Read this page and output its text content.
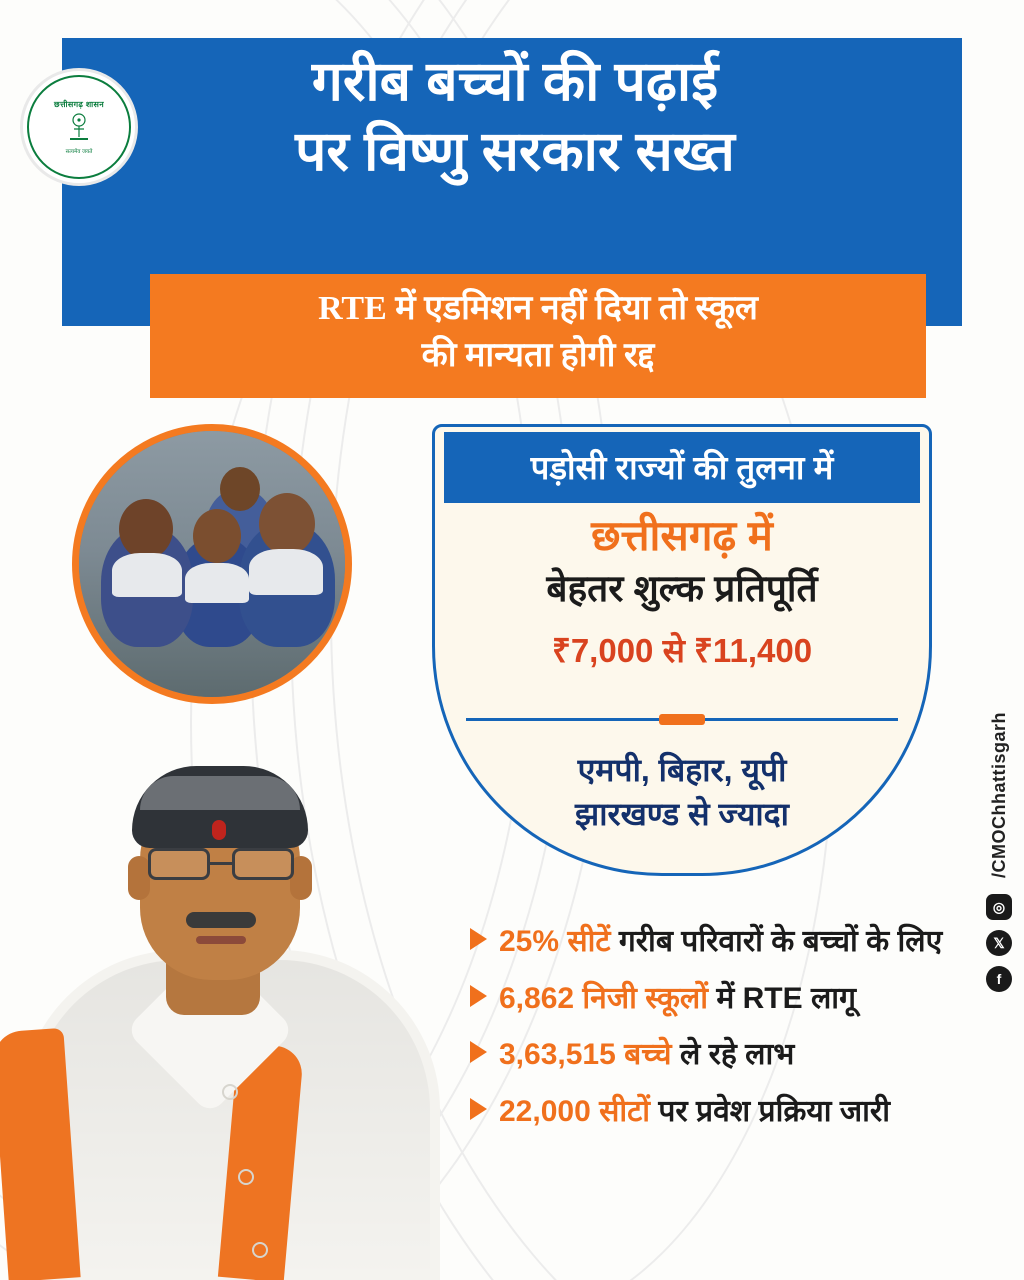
छत्तीसगढ़ शासन
सत्यमेव जयते
गरीब बच्चों की पढ़ाई
पर विष्णु सरकार सख्त
RTE में एडमिशन नहीं दिया तो स्कूल
की मान्यता होगी रद्द
पड़ोसी राज्यों की तुलना में
छत्तीसगढ़ में
बेहतर शुल्क प्रतिपूर्ति
₹7,000 से ₹11,400
एमपी, बिहार, यूपी
झारखण्ड से ज्यादा
25% सीटें गरीब परिवारों के बच्चों के लिए
6,862 निजी स्कूलों में RTE लागू
3,63,515 बच्चे ले रहे लाभ
22,000 सीटों पर प्रवेश प्रक्रिया जारी
/CMOChhattisgarh
◎
𝕏
f
